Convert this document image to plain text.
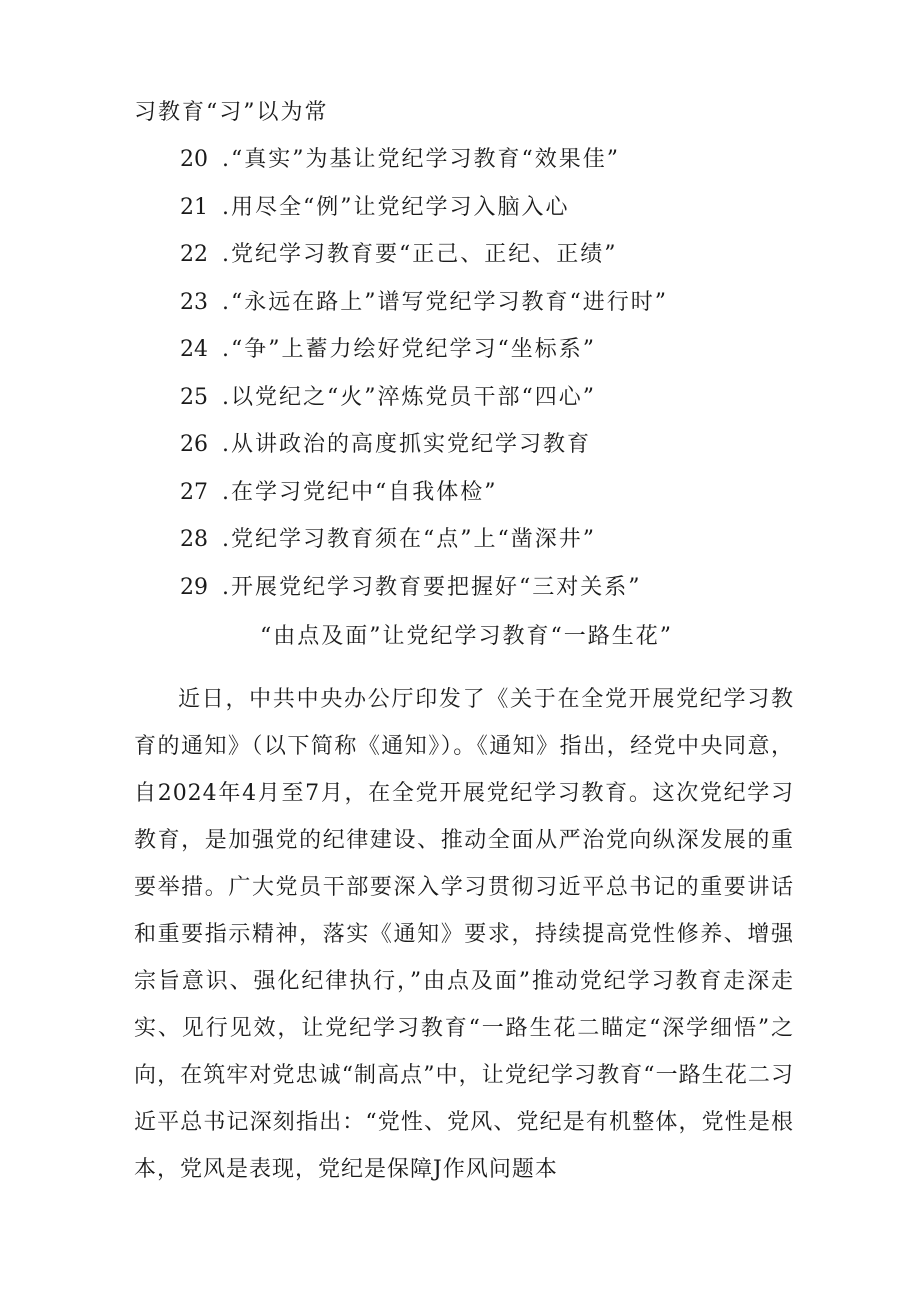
习教育“习”以为常
20 .“真实”为基让党纪学习教育“效果佳”
21 .用尽全“例”让党纪学习入脑入心
22 .党纪学习教育要“正己、正纪、正绩”
23 .“永远在路上”谱写党纪学习教育“进行时”
24 .“争”上蓄力绘好党纪学习“坐标系”
25 .以党纪之“火”淬炼党员干部“四心”
26 .从讲政治的高度抓实党纪学习教育
27 .在学习党纪中“自我体检”
28 .党纪学习教育须在“点”上“凿深井”
29 .开展党纪学习教育要把握好“三对关系”
“由点及面”让党纪学习教育“一路生花”
近日，中共中央办公厅印发了《关于在全党开展党纪学习教育的通知》（以下简称《通知》）。《通知》指出，经党中央同意，自2024年4月至7月，在全党开展党纪学习教育。这次党纪学习教育，是加强党的纪律建设、推动全面从严治党向纵深发展的重要举措。广大党员干部要深入学习贯彻习近平总书记的重要讲话和重要指示精神，落实《通知》要求，持续提高党性修养、增强宗旨意识、强化纪律执行，”由点及面”推动党纪学习教育走深走实、见行见效，让党纪学习教育“一路生花二瞄定“深学细悟”之向，在筑牢对党忠诚“制高点”中，让党纪学习教育“一路生花二习近平总书记深刻指出：“党性、党风、党纪是有机整体，党性是根本，党风是表现，党纪是保障J作风问题本
